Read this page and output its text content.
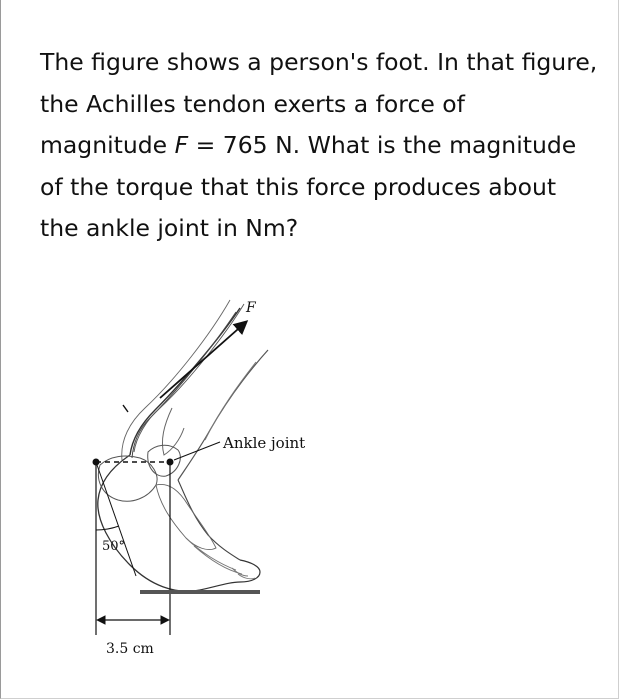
The figure shows a person's foot. In that figure,
the Achilles tendon exerts a force of
magnitude F = 765 N. What is the magnitude
of the torque that this force produces about
the ankle joint in Nm?
F
Ankle joint
50°
3.5 cm
